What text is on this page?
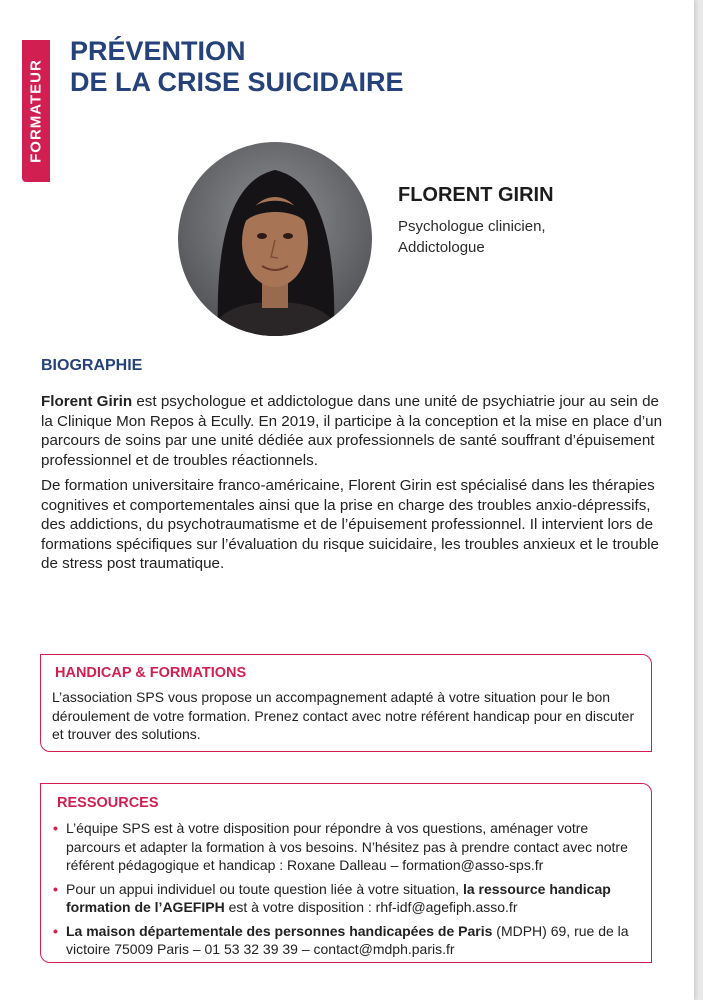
FORMATEUR
PRÉVENTION
DE LA CRISE SUICIDAIRE
FLORENT GIRIN
Psychologue clinicien,
Addictologue
BIOGRAPHIE

Florent Girin est psychologue et addictologue dans une unité de psychiatrie jour au sein de la Clinique Mon Repos à Ecully. En 2019, il participe à la conception et la mise en place d’un parcours de soins par une unité dédiée aux professionnels de santé souffrant d’épuisement professionnel et de troubles réactionnels.

De formation universitaire franco-américaine, Florent Girin est spécialisé dans les thérapies cognitives et comportementales ainsi que la prise en charge des troubles anxio-dépressifs, des addictions, du psychotraumatisme et de l’épuisement professionnel. Il intervient lors de formations spécifiques sur l’évaluation du risque suicidaire, les troubles anxieux et le trouble de stress post traumatique.

HANDICAP & FORMATIONS
L’association SPS vous propose un accompagnement adapté à votre situation pour le bon déroulement de votre formation. Prenez contact avec notre référent handicap pour en discuter et trouver des solutions.
RESSOURCES
• L’équipe SPS est à votre disposition pour répondre à vos questions, aménager votre parcours et adapter la formation à vos besoins. N’hésitez pas à prendre contact avec notre référent pédagogique et handicap : Roxane Dalleau – formation@asso-sps.fr
• Pour un appui individuel ou toute question liée à votre situation, la ressource handicap formation de l’AGEFIPH est à votre disposition : rhf-idf@agefiph.asso.fr
• La maison départementale des personnes handicapées de Paris (MDPH) 69, rue de la victoire 75009 Paris – 01 53 32 39 39 – contact@mdph.paris.fr
